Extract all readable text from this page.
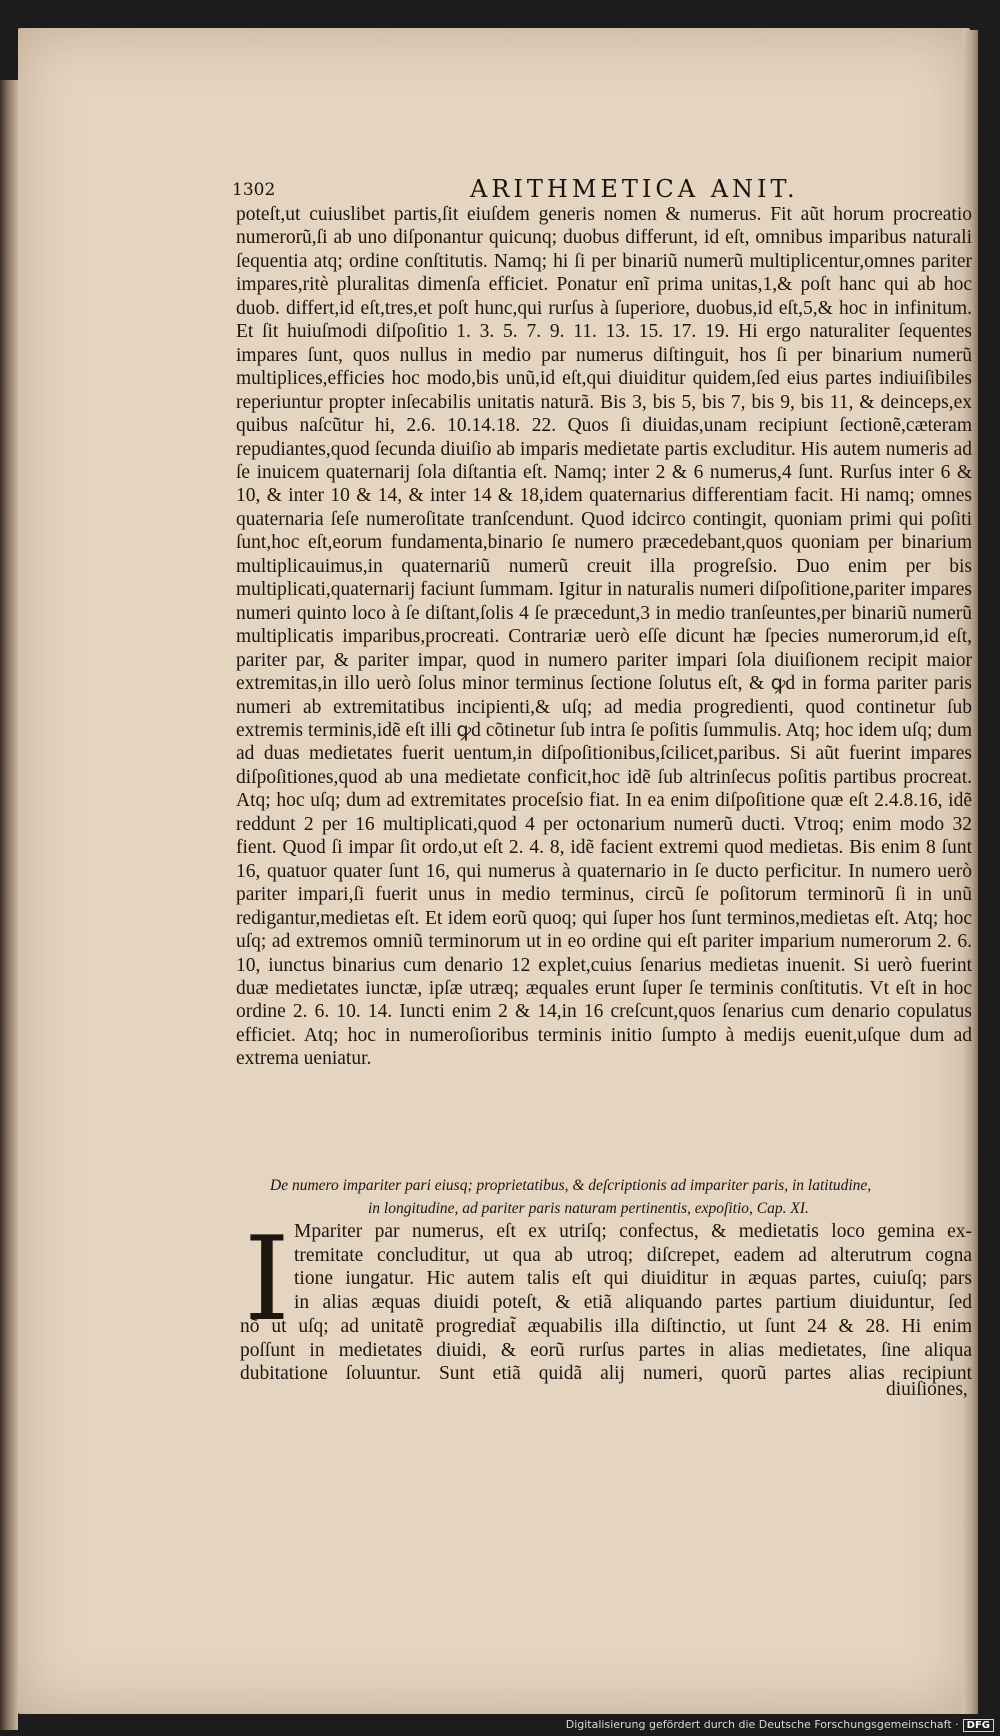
1302	ARITHMETICA ANIT.

poteſt,ut cuiuslibet partis,ſit eiuſdem generis nomen & numerus. Fit aũt horum procreatio numerorũ,ſi ab uno diſponantur quicunq; duobus differunt, id eſt, omnibus imparibus naturali ſequentia atq; ordine conſtitutis. Namq; hi ſi per binariũ numerũ multiplicentur,omnes pariter impares,ritè pluralitas dimenſa efficiet. Ponatur enĩ prima unitas,1,& poſt hanc qui ab hoc duob. differt,id eſt,tres,et poſt hunc,qui rurſus à ſuperiore, duobus,id eſt,5,& hoc in infinitum. Et ſit huiuſmodi diſpoſitio 1. 3. 5. 7. 9. 11. 13. 15. 17. 19. Hi ergo naturaliter ſequentes impares ſunt, quos nullus in medio par numerus diſtinguit, hos ſi per binarium numerũ multiplices,efficies hoc modo,bis unũ,id eſt,qui diuiditur quidem,ſed eius partes indiuiſibiles reperiuntur propter inſecabilis unitatis naturã. Bis 3, bis 5, bis 7, bis 9, bis 11, & deinceps,ex quibus naſcũtur hi, 2.6. 10.14.18. 22. Quos ſi diuidas,unam recipiunt ſectionẽ,cæteram repudiantes,quod ſecunda diuiſio ab imparis medietate partis excluditur. His autem numeris ad ſe inuicem quaternarij ſola diſtantia eſt. Namq; inter 2 & 6 numerus,4 ſunt. Rurſus inter 6 & 10, & inter 10 & 14, & inter 14 & 18,idem quaternarius differentiam facit. Hi namq; omnes quaternaria ſeſe numeroſitate tranſcendunt. Quod idcirco contingit, quoniam primi qui poſiti ſunt,hoc eſt,eorum fundamenta,binario ſe numero præcedebant,quos quoniam per binarium multiplicauimus,in quaternariũ numerũ creuit illa progreſsio. Duo enim per bis multiplicati,quaternarij faciunt ſummam. Igitur in naturalis numeri diſpoſitione,pariter impares numeri quinto loco à ſe diſtant,ſolis 4 ſe præcedunt,3 in medio tranſeuntes,per binariũ numerũ multiplicatis imparibus,procreati. Contrariæ uerò eſſe dicunt hæ ſpecies numerorum,id eſt, pariter par, & pariter impar, quod in numero pariter impari ſola diuiſionem recipit maior extremitas,in illo uerò ſolus minor terminus ſectione ſolutus eſt, & ꝙd in forma pariter paris numeri ab extremitatibus incipienti,& uſq; ad media progredienti, quod continetur ſub extremis terminis,idẽ eſt illi ꝙd cõtinetur ſub intra ſe poſitis ſummulis. Atq; hoc idem uſq; dum ad duas medietates fuerit uentum,in diſpoſitionibus,ſcilicet,paribus. Si aũt fuerint impares diſpoſitiones,quod ab una medietate conficit,hoc idẽ ſub altrinſecus poſitis partibus procreat. Atq; hoc uſq; dum ad extremitates proceſsio fiat. In ea enim diſpoſitione quæ eſt 2.4.8.16, idẽ reddunt 2 per 16 multiplicati,quod 4 per octonarium numerũ ducti. Vtroq; enim modo 32 fient. Quod ſi impar ſit ordo,ut eſt 2. 4. 8, idẽ facient extremi quod medietas. Bis enim 8 ſunt 16, quatuor quater ſunt 16, qui numerus à quaternario in ſe ducto perficitur. In numero uerò pariter impari,ſi fuerit unus in medio terminus, circũ ſe poſitorum terminorũ ſi in unũ redigantur,medietas eſt. Et idem eorũ quoq; qui ſuper hos ſunt terminos,medietas eſt. Atq; hoc uſq; ad extremos omniũ terminorum ut in eo ordine qui eſt pariter imparium numerorum 2. 6. 10, iunctus binarius cum denario 12 explet,cuius ſenarius medietas inuenit. Si uerò fuerint duæ medietates iunctæ, ipſæ utræq; æquales erunt ſuper ſe terminis conſtitutis. Vt eſt in hoc ordine 2. 6. 10. 14. Iuncti enim 2 & 14,in 16 creſcunt,quos ſenarius cum denario copulatus efficiet. Atq; hoc in numeroſioribus terminis initio ſumpto à medijs euenit,uſque dum ad extrema ueniatur.

De numero impariter pari eiusq; proprietatibus, & deſcriptionis ad impariter paris, in latitudine,
in longitudine, ad pariter paris naturam pertinentis, expoſitio, Cap. XI.
I Mpariter par numerus, eſt ex utriſq; confectus, & medietatis loco gemina ex-
tremitate concluditur, ut qua ab utroq; diſcrepet, eadem ad alterutrum cogna
tione iungatur. Hic autem talis eſt qui diuiditur in æquas partes, cuiuſq; pars
in alias æquas diuidi poteſt, & etiã aliquando partes partium diuiduntur, ſed
nõ ut uſq; ad unitatẽ progrediat̃ æquabilis illa diſtinctio, ut ſunt 24 & 28. Hi enim
poſſunt in medietates diuidi, & eorũ rurſus partes in alias medietates, ſine aliqua
dubitatione ſoluuntur. Sunt etiã quidã alij numeri, quorũ partes alias recipiunt
diuiſiones,
Digitalisierung gefördert durch die Deutsche Forschungsgemeinschaft · DFG
